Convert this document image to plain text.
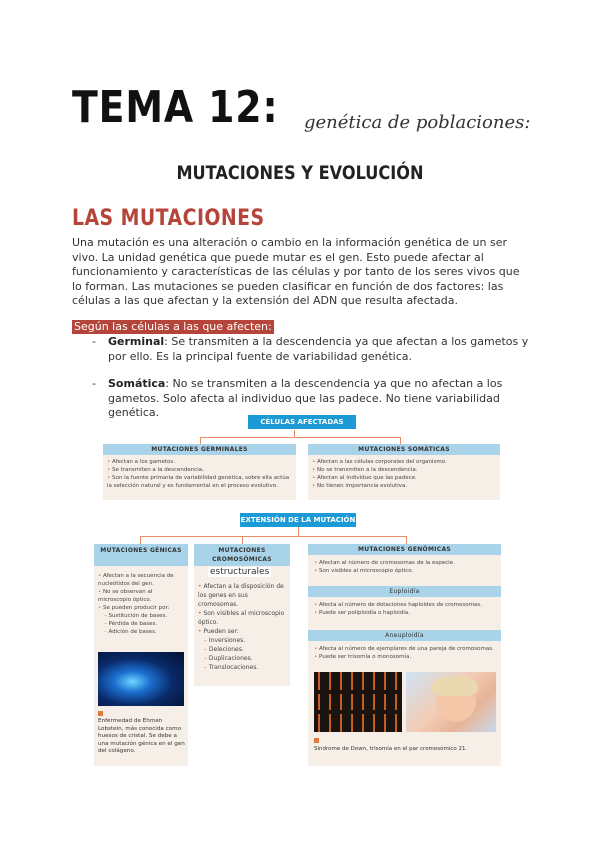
TEMA 12: genética de poblaciones:
MUTACIONES Y EVOLUCIÓN
LAS MUTACIONES
Una mutación es una alteración o cambio en la información genética de un ser vivo. La unidad genética que puede mutar es el gen. Esto puede afectar al funcionamiento y características de las células y por tanto de los seres vivos que lo forman. Las mutaciones se pueden clasificar en función de dos factores: las células a las que afectan y la extensión del ADN que resulta afectada.
Según las células a las que afecten:
- Germinal: Se transmiten a la descendencia ya que afectan a los gametos y por ello. Es la principal fuente de variabilidad genética.
- Somática: No se transmiten a la descendencia ya que no afectan a los gametos. Solo afecta al individuo que las padece. No tiene variabilidad genética.
CÉLULAS AFECTADAS
MUTACIONES GERMINALES
• Afectan a los gametos.
• Se transmiten a la descendencia.
• Son la fuente primaria de variabilidad genética, sobre ella actúa la selección natural y es fundamental en el proceso evolutivo.
MUTACIONES SOMÁTICAS
• Afectan a las células corporales del organismo.
• No se transmiten a la descendencia.
• Afectan al individuo que las padece.
• No tienen importancia evolutiva.
EXTENSIÓN DE LA MUTACIÓN
MUTACIONES GÉNICAS
• Afectan a la secuencia de nucleótidos del gen.
• No se observan al microscopio óptico.
• Se pueden producir por:
– Sustitución de bases.
– Pérdida de bases.
– Adición de bases.
Enfermedad de Ehman Lobstein, más conocida como huesos de cristal. Se debe a una mutación génica en el gen del colágeno.
MUTACIONES CROMOSÓMICAS
estructurales
• Afectan a la disposición de los genes en sus cromosomas.
• Son visibles al microscopio óptico.
• Pueden ser:
– Inversiones.
– Deleciones.
– Duplicaciones.
– Translocaciones.
MUTACIONES GENÓMICAS
• Afectan al número de cromosomas de la especie.
• Son visibles al microscopio óptico.
Euploidía
• Afecta al número de dotaciones haploides de cromosomas.
• Puede ser poliploidía o haploidía.
Aneuploidía
• Afecta al número de ejemplares de una pareja de cromosomas.
• Puede ser trisomía o monosomía.
Síndrome de Down, trisomía en el par cromosómico 21.
